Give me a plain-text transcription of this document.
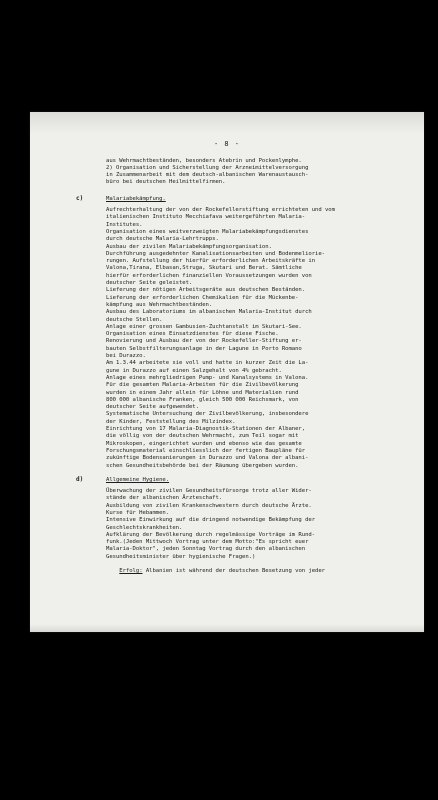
- 8 -
aus Wehrmachtbeständen, besonders Atebrin und Pockenlymphe.
2) Organisation und Sicherstellung der Arzneimittelversorgung
in Zusammenarbeit mit dem deutsch-albanischen Warenaustausch-
büro bei deutschen Heilmittelfirmen.
c)	Malariabekämpfung.
Aufrechterhaltung der von der Rockefellerstiftung errichteten und vom
italienischen Instituto Mecchiafava weitergeführten Malaria-
Institutes.
Organisation eines weitverzweigten Malariabekämpfungsdienstes
durch deutsche Malaria-Lehrtrupps.
Ausbau der zivilen Malariabekämpfungsorganisation.
Durchführung ausgedehnter Kanalisationsarbeiten und Bodenmeliorie-
rungen. Aufstellung der hierfür erforderlichen Arbeitskräfte in
Valona,Tirana, Elbasan,Struga, Skutari und Berat. Sämtliche
hierfür erforderlichen finanziellen Voraussetzungen wurden von
deutscher Seite geleistet.
Lieferung der nötigen Arbeitsgeräte aus deutschen Beständen.
Lieferung der erforderlichen Chemikalien für die Mückenbe-
kämpfung aus Wehrmachtbeständen.
Ausbau des Laboratoriums im albanischen Malaria-Institut durch
deutsche Stellen.
Anlage einer grossen Gambusien-Zuchtanstalt im Skutari-See.
Organisation eines Einsatzdienstes für diese Fische.
Renovierung und Ausbau der von der Rockefeller-Stiftung er-
bauten Selbstfilterungsanlage in der Lagune in Porto Romano
bei Durazzo.
Am 1.3.44 arbeitete sie voll und hatte in kurzer Zeit die La-
gune in Durazzo auf einen Salzgehalt von 4% gebracht.
Anlage eines mehrgliedrigen Pump- und Kanalsystems in Valona.
Für die gesamten Malaria-Arbeiten für die Zivilbevölkerung
wurden in einem Jahr allein für Löhne und Materialien rund
800 000 albanische Franken, gleich 500 000 Reichsmark, von
deutscher Seite aufgewendet.
Systematische Untersuchung der Zivilbevölkerung, insbesondere
der Kinder, Feststellung des Milzindex.
Einrichtung von 17 Malaria-Diagnostik-Stationen der Albaner,
die völlig von der deutschen Wehrmacht, zum Teil sogar mit
Mikroskopen, eingerichtet wurden und ebenso wie das gesamte
Forschungsmaterial einschliesslich der fertigen Baupläne für
zukünftige Bodensanierungen in Durazzo und Valona der albani-
schen Gesundheitsbehörde bei der Räumung übergeben wurden.
d)	Allgemeine Hygiene.
Überwachung der zivilen Gesundheitsfürsorge trotz aller Wider-
stände der albanischen Ärzteschaft.
Ausbildung von zivilen Krankenschwestern durch deutsche Ärzte.
Kurse für Hebammen.
Intensive Einwirkung auf die dringend notwendige Bekämpfung der
Geschlechtskrankheiten.
Aufklärung der Bevölkerung durch regelmässige Vorträge im Rund-
funk.(Jeden Mittwoch Vortrag unter dem Motto:"Es spricht euer
Malaria-Doktor", jeden Sonntag Vortrag durch den albanischen
Gesundheitsminister über hygienische Fragen.)

Erfolg: Albanien ist während der deutschen Besetzung von jeder
